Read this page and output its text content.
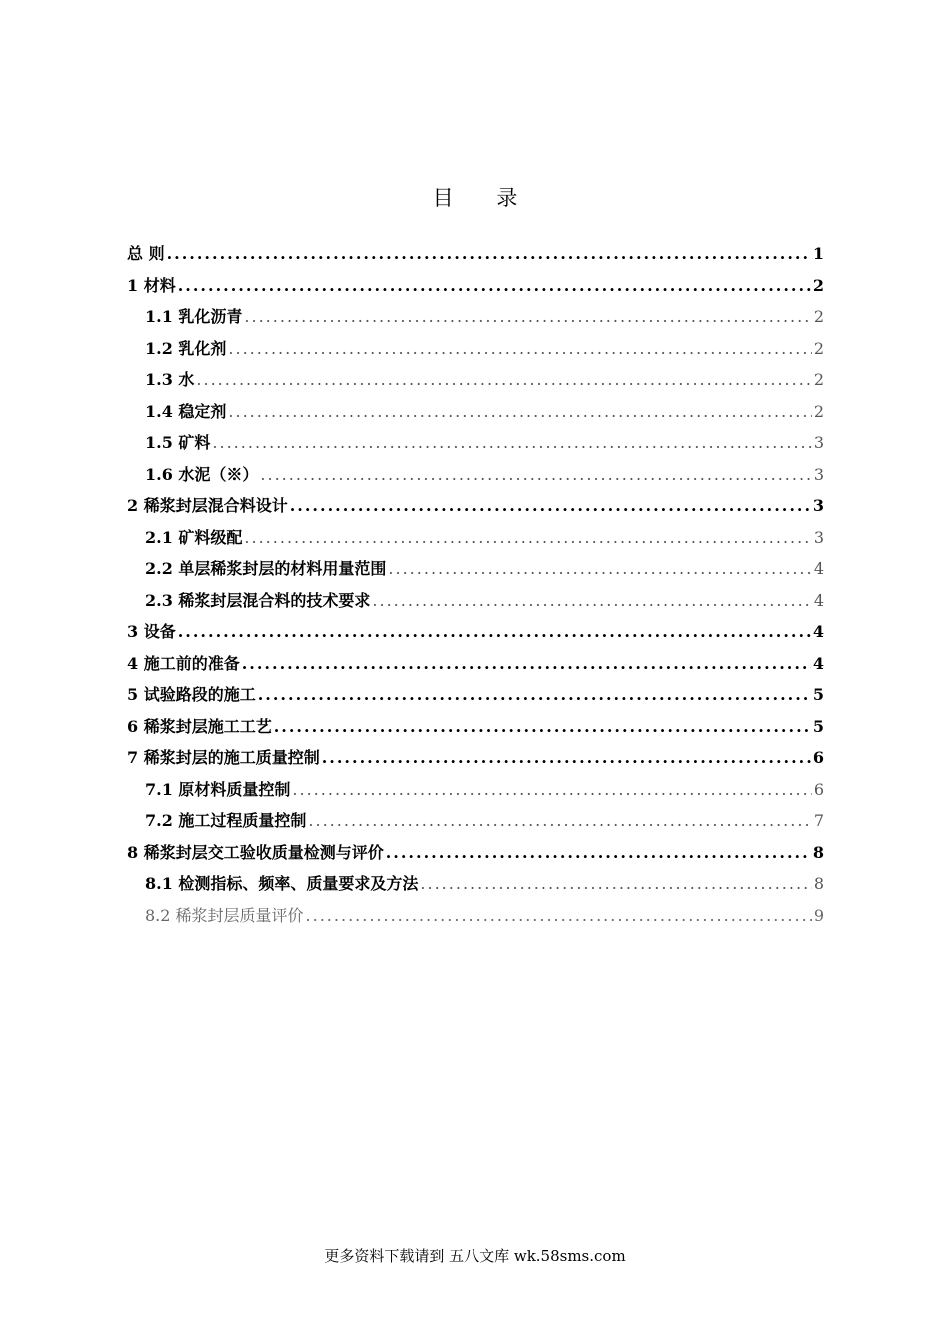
目 录
总 则 .....	1
1 材料 .....	2
1.1 乳化沥青 .....	2
1.2 乳化剂 .....	2
1.3 水 .....	2
1.4 稳定剂 .....	2
1.5 矿料 .....	3
1.6 水泥（※） .....	3
2 稀浆封层混合料设计 .....	3
2.1 矿料级配 .....	3
2.2 单层稀浆封层的材料用量范围 .....	4
2.3 稀浆封层混合料的技术要求 .....	4
3 设备 .....	4
4 施工前的准备 .....	4
5 试验路段的施工 .....	5
6 稀浆封层施工工艺 .....	5
7 稀浆封层的施工质量控制 .....	6
7.1 原材料质量控制 .....	6
7.2 施工过程质量控制 .....	7
8 稀浆封层交工验收质量检测与评价 .....	8
8.1 检测指标、频率、质量要求及方法 .....	8
8.2 稀浆封层质量评价 .....	9
更多资料下载请到 五八文库 wk.58sms.com
